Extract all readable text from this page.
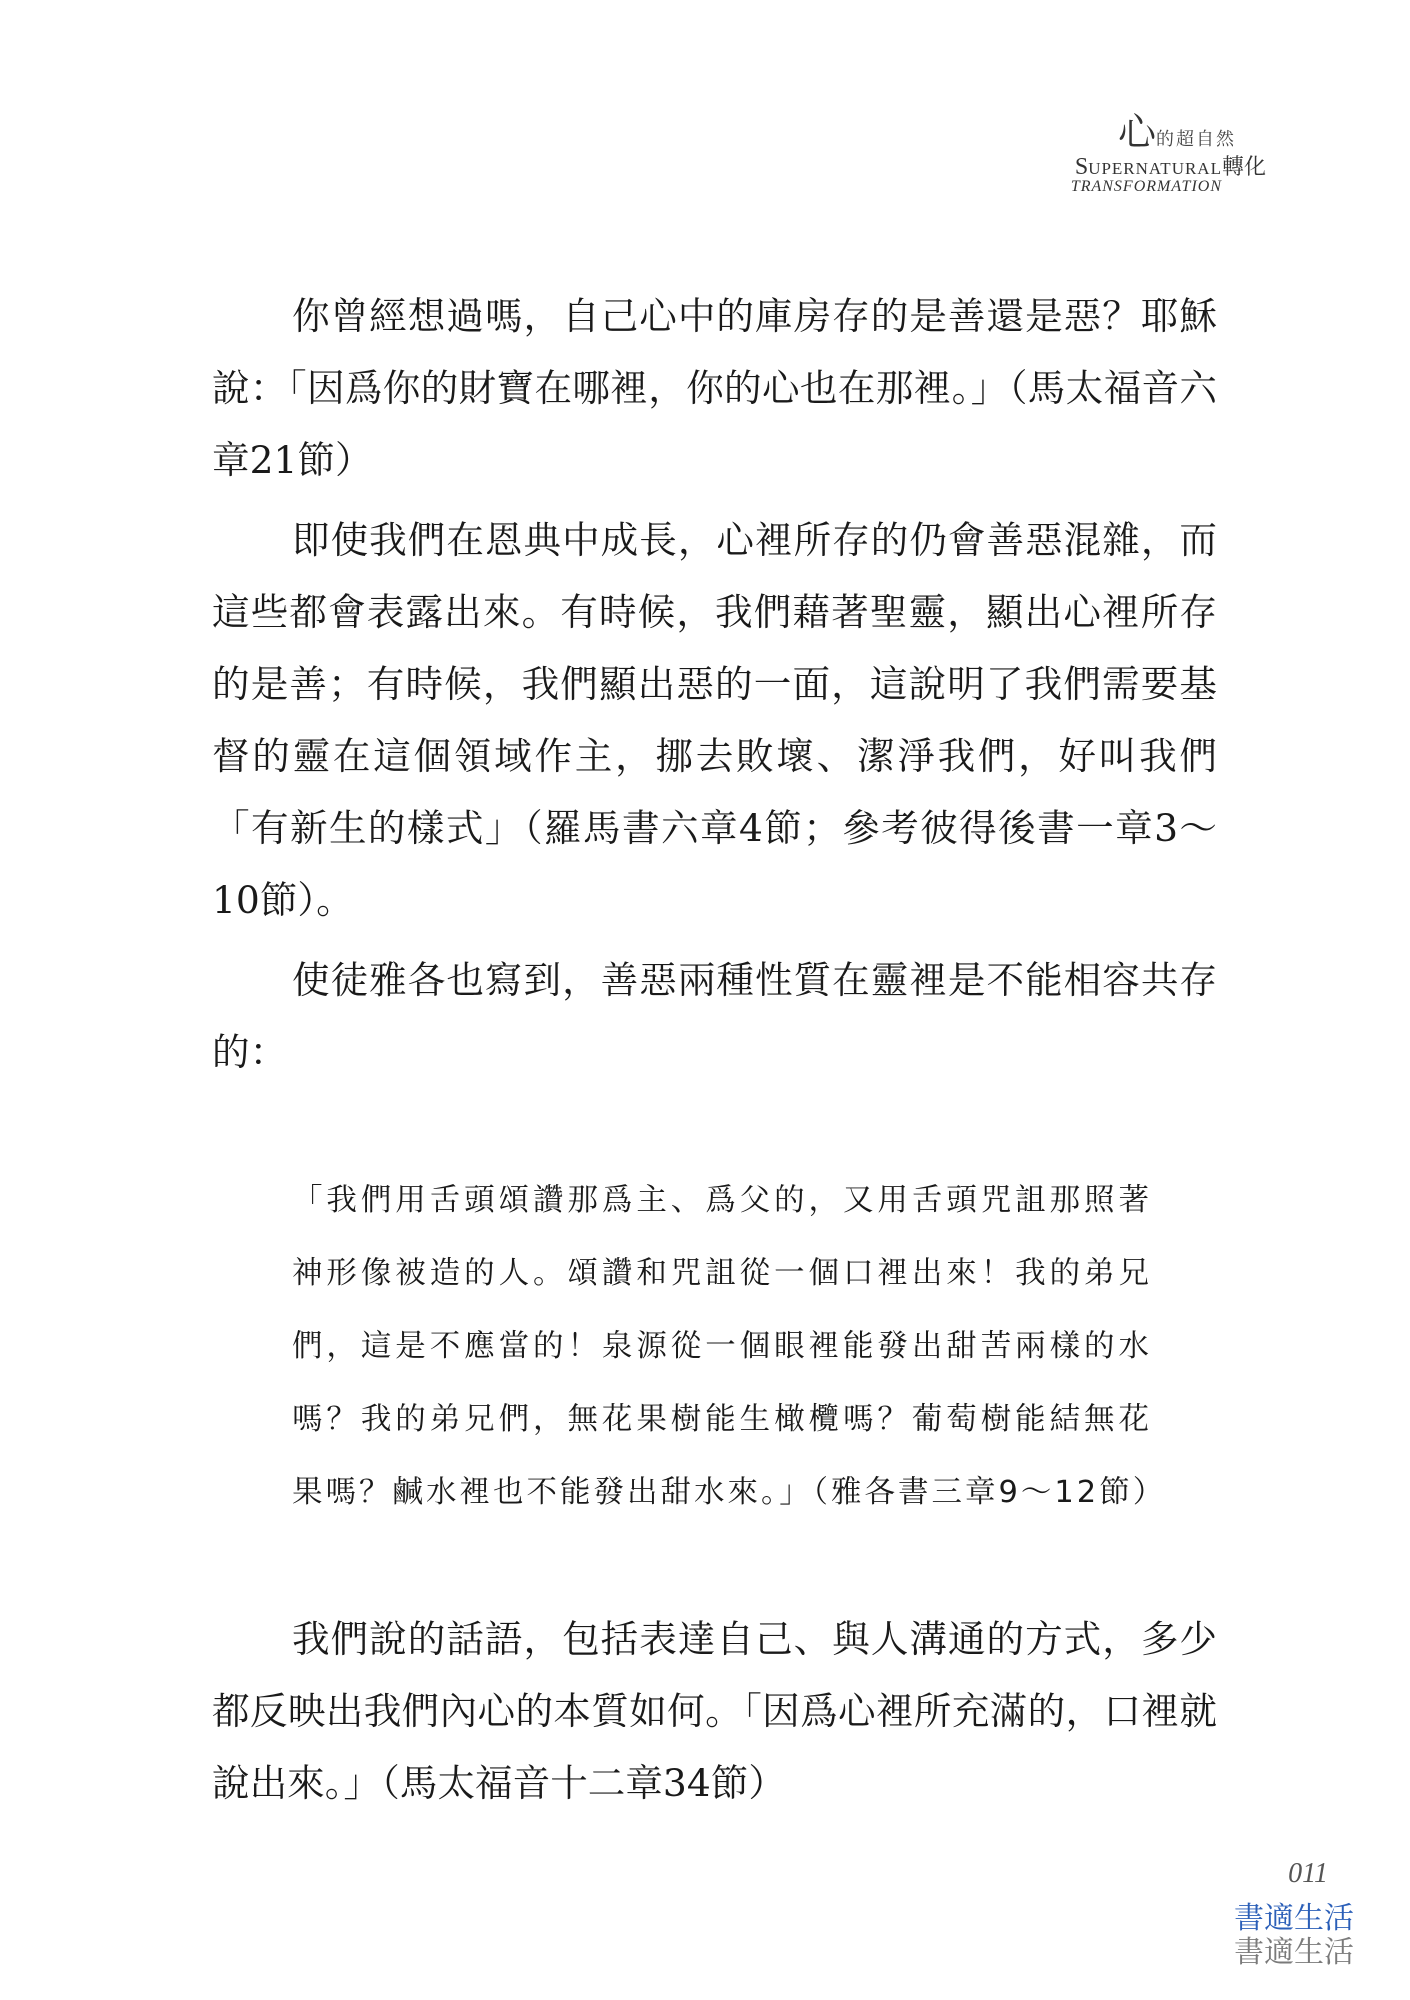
心的超自然
SUPERNATURAL轉化
TRANSFORMATION

你曾經想過嗎，自己心中的庫房存的是善還是惡？耶穌說：「因爲你的財寶在哪裡，你的心也在那裡。」（馬太福音六章21節）

即使我們在恩典中成長，心裡所存的仍會善惡混雜，而這些都會表露出來。有時候，我們藉著聖靈，顯出心裡所存的是善；有時候，我們顯出惡的一面，這說明了我們需要基督的靈在這個領域作主，挪去敗壞、潔淨我們，好叫我們「有新生的樣式」（羅馬書六章4節；參考彼得後書一章3～10節）。

使徒雅各也寫到，善惡兩種性質在靈裡是不能相容共存的：

「我們用舌頭頌讚那爲主、爲父的，又用舌頭咒詛那照著神形像被造的人。頌讚和咒詛從一個口裡出來！我的弟兄們，這是不應當的！泉源從一個眼裡能發出甜苦兩樣的水嗎？我的弟兄們，無花果樹能生橄欖嗎？葡萄樹能結無花果嗎？鹹水裡也不能發出甜水來。」（雅各書三章9～12節）

我們說的話語，包括表達自己、與人溝通的方式，多少都反映出我們內心的本質如何。「因爲心裡所充滿的，口裡就說出來。」（馬太福音十二章34節）

011
書適生活
書適生活
